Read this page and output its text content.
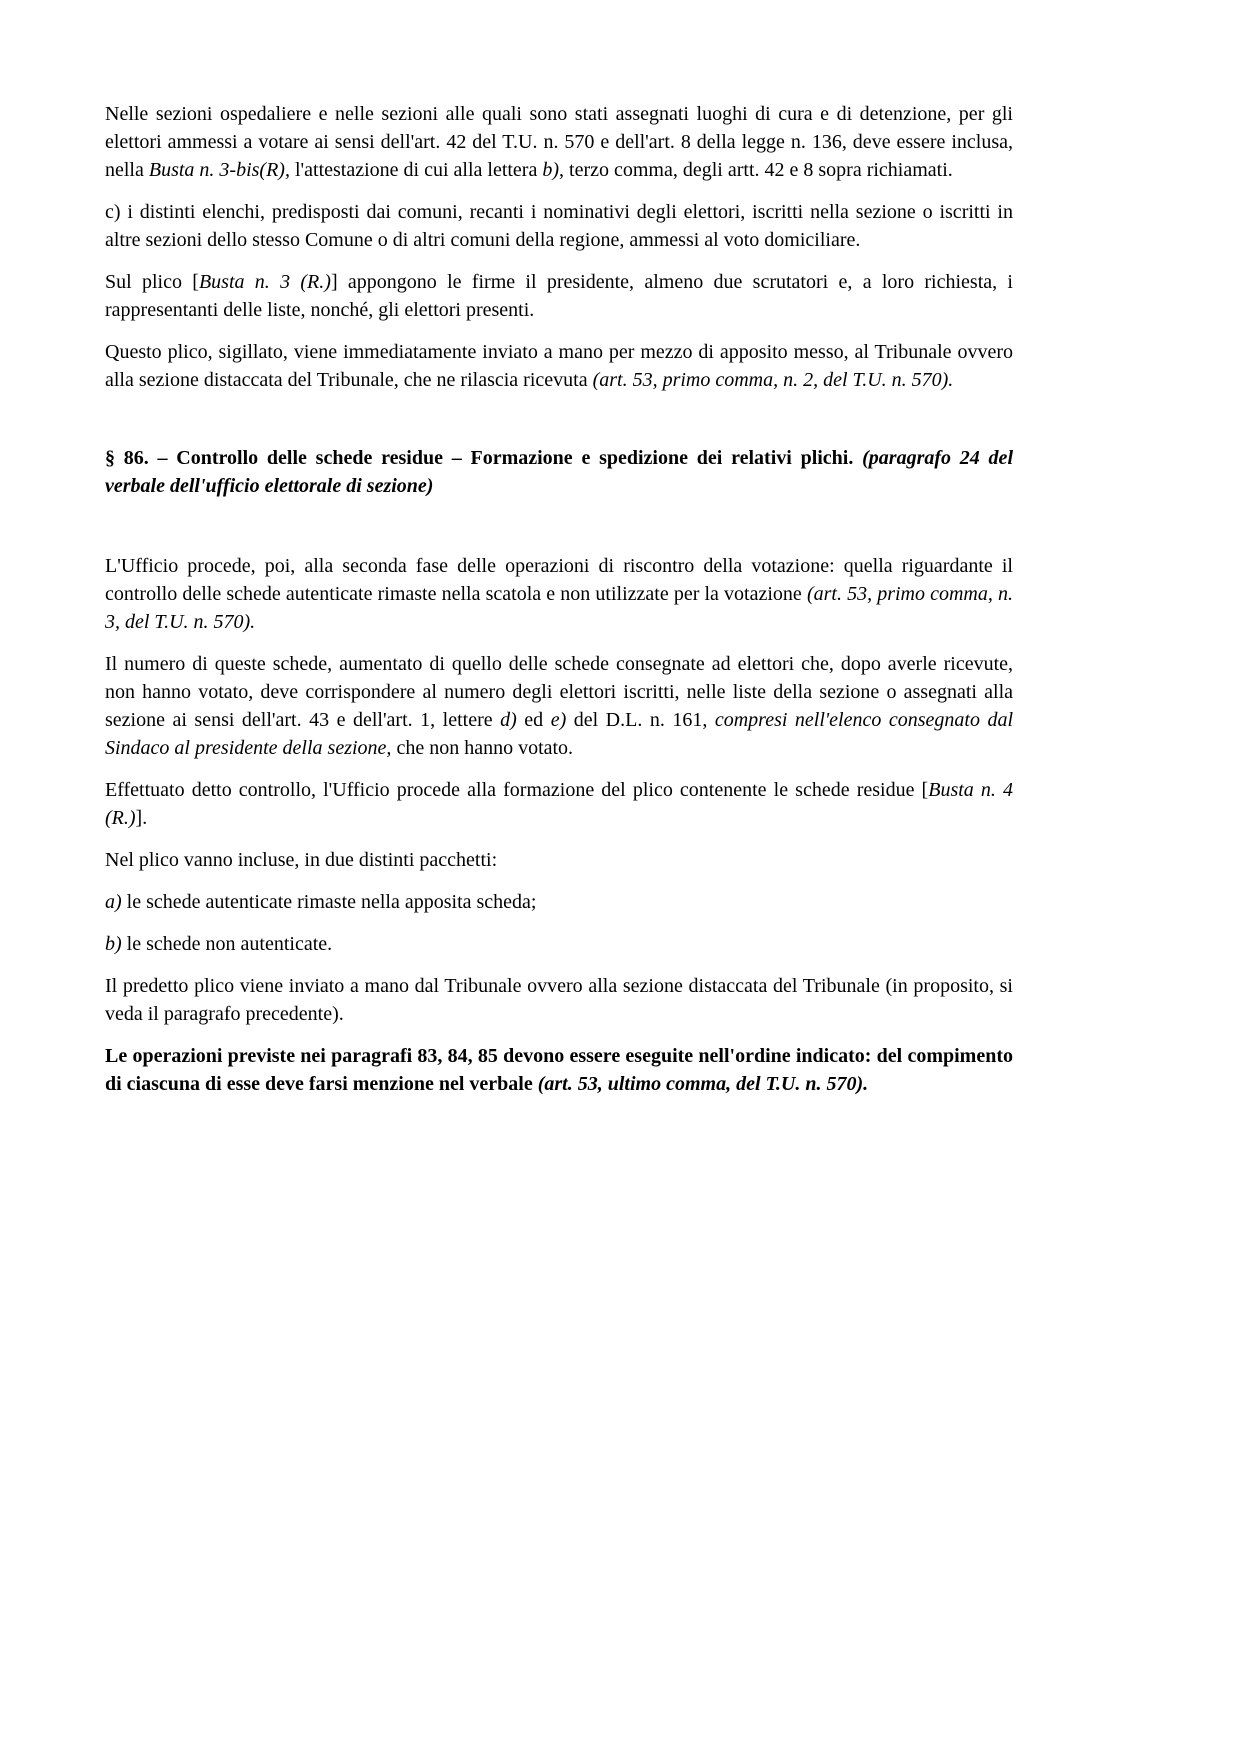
Nelle sezioni ospedaliere e nelle sezioni alle quali sono stati assegnati luoghi di cura e di detenzione, per gli elettori ammessi a votare ai sensi dell'art. 42 del T.U. n. 570 e dell'art. 8 della legge n. 136, deve essere inclusa, nella Busta n. 3-bis(R), l'attestazione di cui alla lettera b), terzo comma, degli artt. 42 e 8 sopra richiamati.

c) i distinti elenchi, predisposti dai comuni, recanti i nominativi degli elettori, iscritti nella sezione o iscritti in altre sezioni dello stesso Comune o di altri comuni della regione, ammessi al voto domiciliare.

Sul plico [Busta n. 3 (R.)] appongono le firme il presidente, almeno due scrutatori e, a loro richiesta, i rappresentanti delle liste, nonché, gli elettori presenti.

Questo plico, sigillato, viene immediatamente inviato a mano per mezzo di apposito messo, al Tribunale ovvero alla sezione distaccata del Tribunale, che ne rilascia ricevuta (art. 53, primo comma, n. 2, del T.U. n. 570).

§ 86. – Controllo delle schede residue – Formazione e spedizione dei relativi plichi. (paragrafo 24 del verbale dell'ufficio elettorale di sezione)

L'Ufficio procede, poi, alla seconda fase delle operazioni di riscontro della votazione: quella riguardante il controllo delle schede autenticate rimaste nella scatola e non utilizzate per la votazione (art. 53, primo comma, n. 3, del T.U. n. 570).

Il numero di queste schede, aumentato di quello delle schede consegnate ad elettori che, dopo averle ricevute, non hanno votato, deve corrispondere al numero degli elettori iscritti, nelle liste della sezione o assegnati alla sezione ai sensi dell'art. 43 e dell'art. 1, lettere d) ed e) del D.L. n. 161, compresi nell'elenco consegnato dal Sindaco al presidente della sezione, che non hanno votato.

Effettuato detto controllo, l'Ufficio procede alla formazione del plico contenente le schede residue [Busta n. 4 (R.)].

Nel plico vanno incluse, in due distinti pacchetti:

a) le schede autenticate rimaste nella apposita scheda;

b) le schede non autenticate.

Il predetto plico viene inviato a mano dal Tribunale ovvero alla sezione distaccata del Tribunale (in proposito, si veda il paragrafo precedente).

Le operazioni previste nei paragrafi 83, 84, 85 devono essere eseguite nell'ordine indicato: del compimento di ciascuna di esse deve farsi menzione nel verbale (art. 53, ultimo comma, del T.U. n. 570).
